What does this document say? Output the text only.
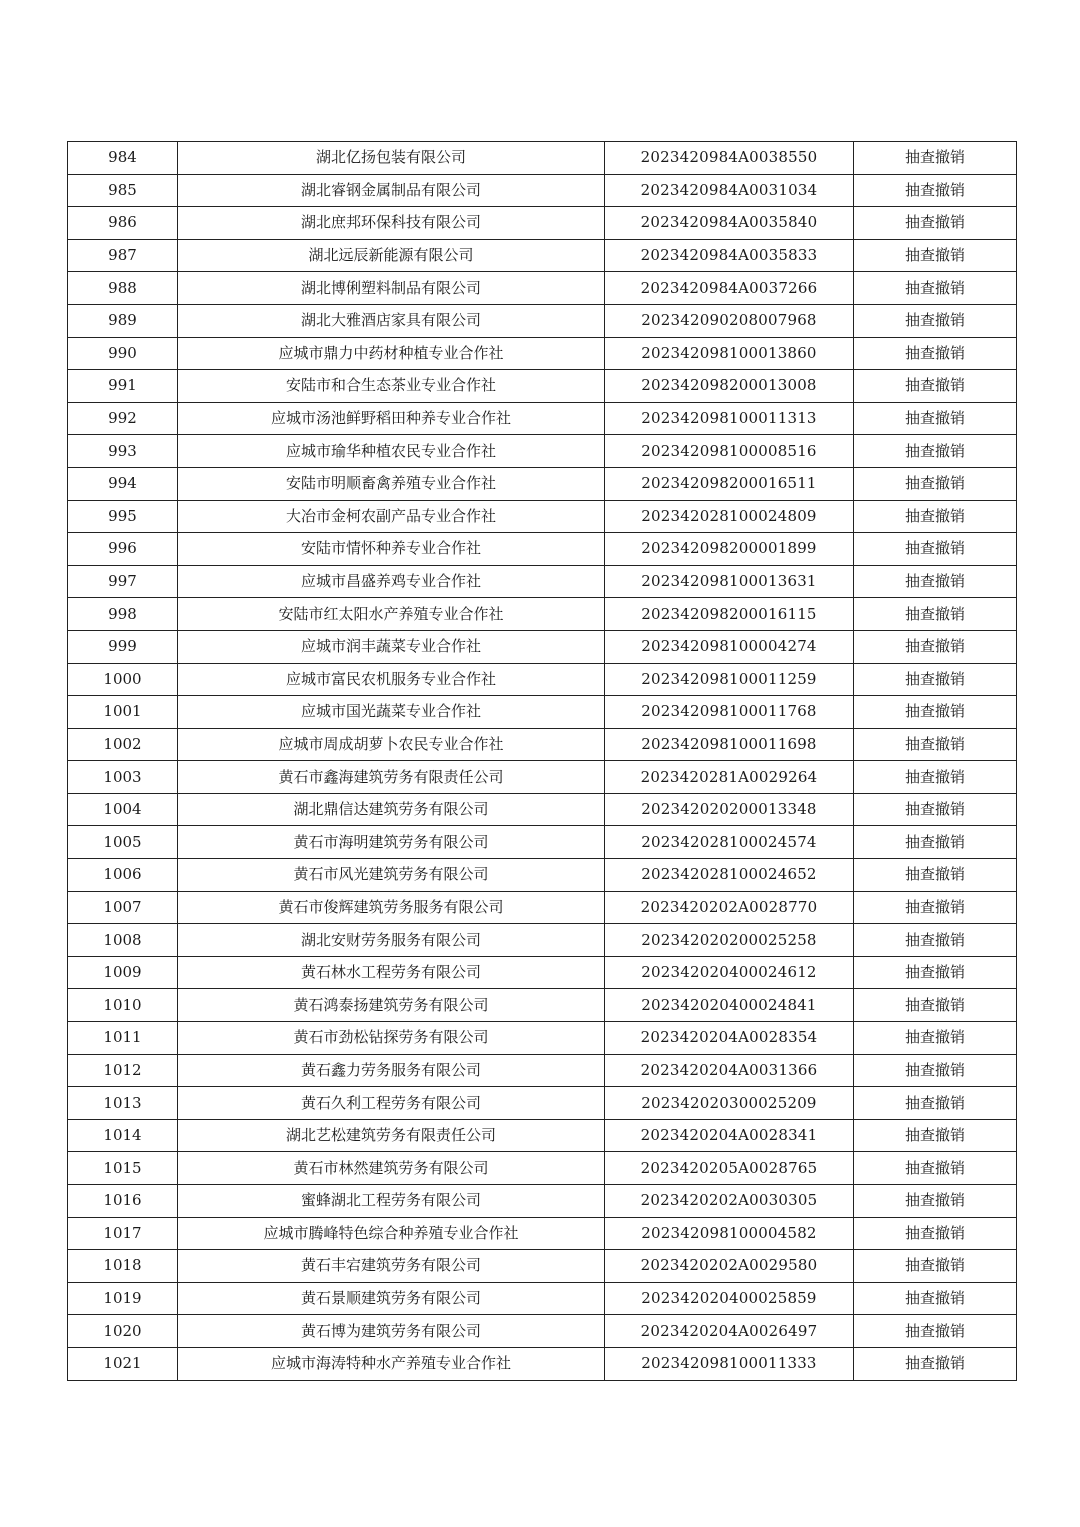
984	湖北亿扬包装有限公司	2023420984A0038550	抽查撤销
985	湖北睿钢金属制品有限公司	2023420984A0031034	抽查撤销
986	湖北庶邦环保科技有限公司	2023420984A0035840	抽查撤销
987	湖北远辰新能源有限公司	2023420984A0035833	抽查撤销
988	湖北博俐塑料制品有限公司	2023420984A0037266	抽查撤销
989	湖北大雅酒店家具有限公司	202342090208007968	抽查撤销
990	应城市鼎力中药材种植专业合作社	202342098100013860	抽查撤销
991	安陆市和合生态茶业专业合作社	202342098200013008	抽查撤销
992	应城市汤池鲜野稻田种养专业合作社	202342098100011313	抽查撤销
993	应城市瑜华种植农民专业合作社	202342098100008516	抽查撤销
994	安陆市明顺畜禽养殖专业合作社	202342098200016511	抽查撤销
995	大冶市金柯农副产品专业合作社	202342028100024809	抽查撤销
996	安陆市情怀种养专业合作社	202342098200001899	抽查撤销
997	应城市昌盛养鸡专业合作社	202342098100013631	抽查撤销
998	安陆市红太阳水产养殖专业合作社	202342098200016115	抽查撤销
999	应城市润丰蔬菜专业合作社	202342098100004274	抽查撤销
1000	应城市富民农机服务专业合作社	202342098100011259	抽查撤销
1001	应城市国光蔬菜专业合作社	202342098100011768	抽查撤销
1002	应城市周成胡萝卜农民专业合作社	202342098100011698	抽查撤销
1003	黄石市鑫海建筑劳务有限责任公司	2023420281A0029264	抽查撤销
1004	湖北鼎信达建筑劳务有限公司	202342020200013348	抽查撤销
1005	黄石市海明建筑劳务有限公司	202342028100024574	抽查撤销
1006	黄石市风光建筑劳务有限公司	202342028100024652	抽查撤销
1007	黄石市俊辉建筑劳务服务有限公司	2023420202A0028770	抽查撤销
1008	湖北安财劳务服务有限公司	202342020200025258	抽查撤销
1009	黄石林水工程劳务有限公司	202342020400024612	抽查撤销
1010	黄石鸿泰扬建筑劳务有限公司	202342020400024841	抽查撤销
1011	黄石市劲松钻探劳务有限公司	2023420204A0028354	抽查撤销
1012	黄石鑫力劳务服务有限公司	2023420204A0031366	抽查撤销
1013	黄石久利工程劳务有限公司	202342020300025209	抽查撤销
1014	湖北艺松建筑劳务有限责任公司	2023420204A0028341	抽查撤销
1015	黄石市林然建筑劳务有限公司	2023420205A0028765	抽查撤销
1016	蜜蜂湖北工程劳务有限公司	2023420202A0030305	抽查撤销
1017	应城市腾峰特色综合种养殖专业合作社	202342098100004582	抽查撤销
1018	黄石丰宕建筑劳务有限公司	2023420202A0029580	抽查撤销
1019	黄石景顺建筑劳务有限公司	202342020400025859	抽查撤销
1020	黄石博为建筑劳务有限公司	2023420204A0026497	抽查撤销
1021	应城市海涛特种水产养殖专业合作社	202342098100011333	抽查撤销
